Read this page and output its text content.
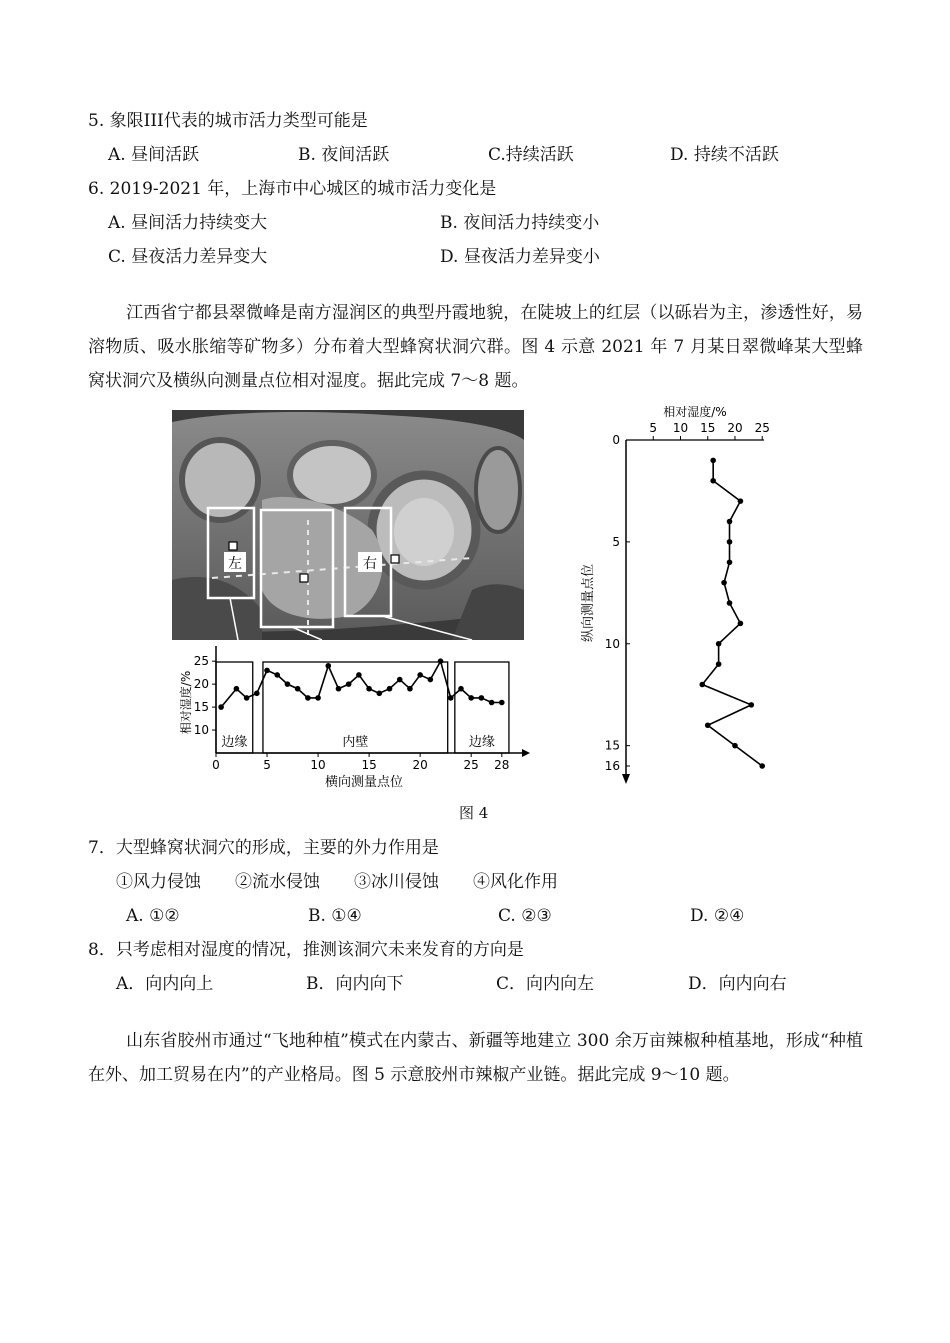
5. 象限III代表的城市活力类型可能是
A. 昼间活跃	B. 夜间活跃	C.持续活跃	D. 持续不活跃
6. 2019-2021 年，上海市中心城区的城市活力变化是
A. 昼间活力持续变大	B. 夜间活力持续变小
C. 昼夜活力差异变大	D. 昼夜活力差异变小
江西省宁都县翠微峰是南方湿润区的典型丹霞地貌，在陡坡上的红层（以砾岩为主，渗透性好，易溶物质、吸水胀缩等矿物多）分布着大型蜂窝状洞穴群。图 4 示意 2021 年 7 月某日翠微峰某大型蜂窝状洞穴及横纵向测量点位相对湿度。据此完成 7～8 题。
左	右
边缘	内壁	边缘
10
15
20
25
0	5	10	15	20	25 28
横向测量点位
相对湿度/%
相对湿度/%
5 10 15 20 25
0
5
10
15
16
纵向测量点位
图 4
7．大型蜂窝状洞穴的形成，主要的外力作用是
①风力侵蚀　　②流水侵蚀　　③冰川侵蚀　　④风化作用
A. ①②	B. ①④	C. ②③	D. ②④
8．只考虑相对湿度的情况，推测该洞穴未来发育的方向是
A．向内向上	B．向内向下	C．向内向左	D．向内向右
山东省胶州市通过“飞地种植”模式在内蒙古、新疆等地建立 300 余万亩辣椒种植基地，形成“种植在外、加工贸易在内”的产业格局。图 5 示意胶州市辣椒产业链。据此完成 9～10 题。
